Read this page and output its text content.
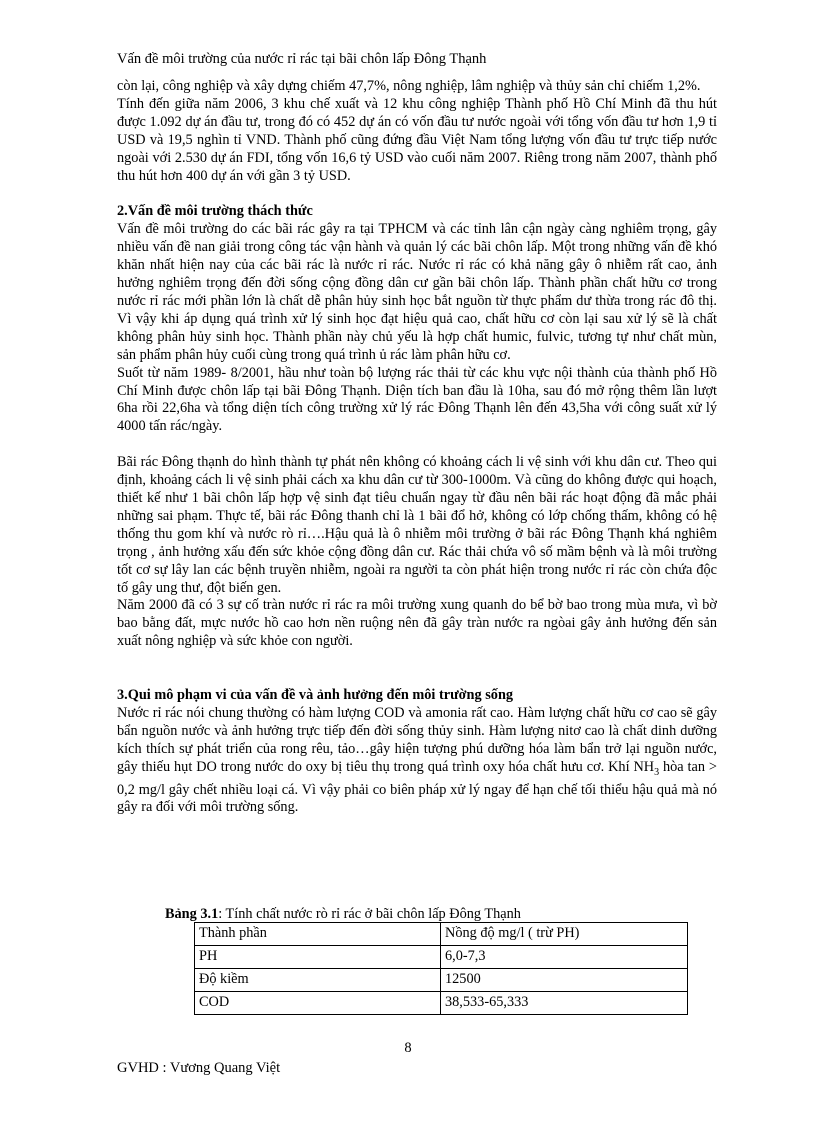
Vấn đề môi trường của nước rỉ rác tại bãi chôn lấp Đông Thạnh

còn lại, công nghiệp và xây dựng chiếm 47,7%, nông nghiệp, lâm nghiệp và thủy sản chỉ chiếm 1,2%.

Tính đến giữa năm 2006, 3 khu chế xuất và 12 khu công nghiệp Thành phố Hồ Chí Minh đã thu hút được 1.092 dự án đầu tư, trong đó có 452 dự án có vốn đầu tư nước ngoài với tổng vốn đầu tư hơn 1,9 tỉ USD và 19,5 nghìn tỉ VND. Thành phố cũng đứng đầu Việt Nam tổng lượng vốn đầu tư trực tiếp nước ngoài với 2.530 dự án FDI, tổng vốn 16,6 tỷ USD vào cuối năm 2007. Riêng trong năm 2007, thành phố thu hút hơn 400 dự án với gần 3 tỷ USD.

2.Vấn đề môi trường thách thức

Vấn đề môi trường do các bãi rác gây ra tại TPHCM và các tỉnh lân cận ngày càng nghiêm trọng, gây nhiều vấn đề nan giải trong công tác vận hành và quản lý các bãi chôn lấp. Một trong những vấn đề khó khăn nhất hiện nay của các bãi rác là nước rỉ rác. Nước rỉ rác có khả năng gây ô nhiễm rất cao, ảnh hưởng nghiêm trọng đến đời sống cộng đồng dân cư gần bãi chôn lấp. Thành phần chất hữu cơ trong nước rỉ rác mới phần lớn là chất dễ phân hủy sinh học bắt nguồn từ thực phẩm dư thừa trong rác đô thị. Vì vậy khi áp dụng quá trình xử lý sinh học đạt hiệu quả cao, chất hữu cơ còn lại sau xử lý sẽ là chất không phân hủy sinh học. Thành phần này chủ yếu là hợp chất humic, fulvic, tương tự như chất mùn, sản phẩm phân hủy cuối cùng trong quá trình ủ rác làm phân hữu cơ.

Suốt từ năm 1989- 8/2001, hầu như toàn bộ lượng rác thải từ các khu vực nội thành của thành phố Hồ Chí Minh được chôn lấp tại bãi Đông Thạnh. Diện tích ban đầu là 10ha, sau đó mở rộng thêm lần lượt 6ha rồi 22,6ha và tổng diện tích công trường xử lý rác Đông Thạnh lên đến 43,5ha với công suất xử lý 4000 tấn rác/ngày.

Bãi rác Đông thạnh do hình thành tự phát nên không có khoảng cách li vệ sinh với khu dân cư. Theo qui định, khoảng cách li vệ sinh phải cách xa khu dân cư từ 300-1000m. Và cũng do không được qui hoạch, thiết kế như 1 bãi chôn lấp hợp vệ sinh đạt tiêu chuẩn ngay từ đầu nên bãi rác hoạt động đã mắc phải những sai phạm. Thực tế, bãi rác Đông thanh chỉ là 1 bãi đổ hở, không có lớp chống thấm, không có hệ thống thu gom khí và nước rò rỉ….Hậu quả là ô nhiễm môi trường ở bãi rác Đông Thạnh khá nghiêm trọng , ảnh hưởng xấu đến sức khỏe cộng đồng dân cư. Rác thải chứa vô số mầm bệnh và là môi trường tốt cơ sự lây lan các bệnh truyền nhiễm, ngoài ra người ta còn phát hiện trong nước rỉ rác còn chứa độc tố gây ung thư, đột biến gen.

Năm 2000 đã có 3 sự cố tràn nước rỉ rác ra môi trường xung quanh do bể bờ bao trong mùa mưa, vì bờ bao bằng đất, mực nước hồ cao hơn nền ruộng nên đã gây tràn nước ra ngòai gây ảnh hưởng đến sản xuất nông nghiệp và sức khỏe con người.

3.Qui mô phạm vi của vấn đề và ảnh hưởng đến môi trường sống

Nước rỉ rác nói chung thường có hàm lượng COD và amonia rất cao. Hàm lượng chất hữu cơ cao sẽ gây bẩn nguồn nước và ảnh hưởng trực tiếp đến đời sống thủy sinh. Hàm lượng nitơ cao là chất dinh dưỡng kích thích sự phát triển của rong rêu, tảo…gây hiện tượng phú dưỡng hóa làm bẩn trở lại nguồn nước, gây thiếu hụt DO trong nước do oxy bị tiêu thụ trong quá trình oxy hóa chất hưu cơ. Khí $NH_3$ hòa tan > 0,2 mg/l gây chết nhiều loại cá. Vì vậy phải co biên pháp xử lý ngay để hạn chế tối thiểu hậu quả mà nó gây ra đối với môi trường sống.

Bảng 3.1: Tính chất nước rò rỉ rác ở bãi chôn lấp Đông Thạnh
Thành phần	Nồng độ mg/l ( trừ PH)
PH	6,0-7,3
Độ kiềm	12500
COD	38,533-65,333
8
GVHD : Vương Quang Việt
